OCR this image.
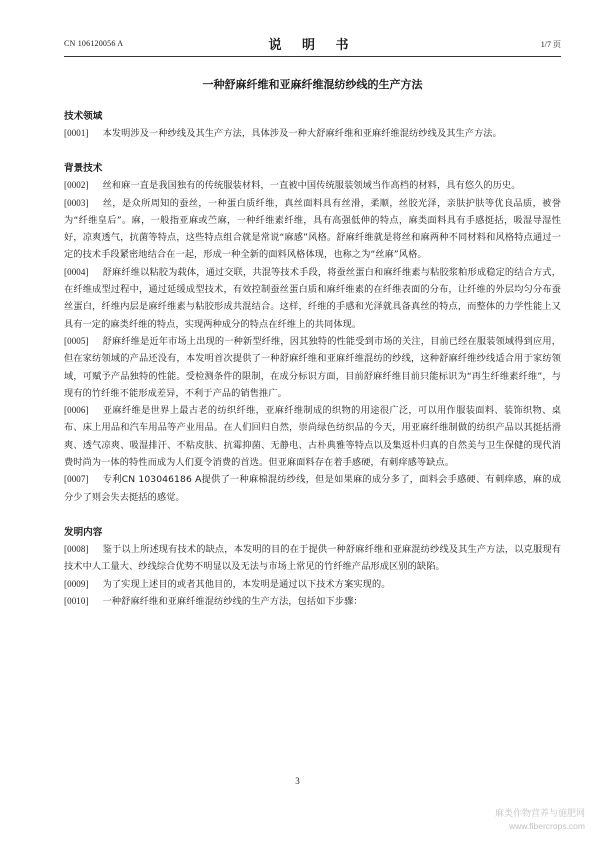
CN 106120056 A	说 明 书	1/7 页
一种舒麻纤维和亚麻纤维混纺纱线的生产方法

技术领域

[0001] 本发明涉及一种纱线及其生产方法，具体涉及一种大舒麻纤维和亚麻纤维混纺纱线及其生产方法。

背景技术

[0002] 丝和麻一直是我国独有的传统服装材料，一直被中国传统服装领域当作高档的材料，具有悠久的历史。

[0003] 丝，是众所周知的蚕丝，一种蛋白质纤维，真丝面料具有丝滑，柔顺，丝胶光泽，亲肤护肤等优良品质，被誉为“纤维皇后”。麻，一般指亚麻或苎麻，一种纤维素纤维，具有高强低伸的特点，麻类面料具有手感挺括，吸湿导湿性好，凉爽透气，抗菌等特点，这些特点组合就是常说“麻感”风格。舒麻纤维就是将丝和麻两种不同材料和风格特点通过一定的技术手段紧密地结合在一起，形成一种全新的面料风格体现，也称之为“丝麻”风格。

[0004] 舒麻纤维以粘胶为载体，通过交联，共混等技术手段，将蚕丝蛋白和麻纤维素与粘胶浆粕形成稳定的结合方式，在纤维成型过程中，通过延缓成型技术，有效控制蚕丝蛋白质和麻纤维素的在纤维表面的分布，让纤维的外层均匀分布蚕丝蛋白，纤维内层是麻纤维素与粘胶形成共混结合。这样，纤维的手感和光泽就具备真丝的特点，而整体的力学性能上又具有一定的麻类纤维的特点，实现两种成分的特点在纤维上的共同体现。

[0005] 舒麻纤维是近年市场上出现的一种新型纤维，因其独特的性能受到市场的关注，目前已经在服装领域得到应用，但在家纺领域的产品还没有，本发明首次提供了一种舒麻纤维和亚麻纤维混纺的纱线，这种舒麻纤维纱线适合用于家纺领域，可赋予产品独特的性能。受检测条件的限制，在成分标识方面，目前舒麻纤维目前只能标识为“再生纤维素纤维”，与现有的竹纤维不能形成差异，不利于产品的销售推广。

[0006] 亚麻纤维是世界上最古老的纺织纤维，亚麻纤维制成的织物的用途很广泛，可以用作服装面料、装饰织物、桌布、床上用品和汽车用品等产业用品。在人们回归自然，崇尚绿色纺织品的今天，用亚麻纤维制做的纺织产品以其挺括滑爽、透气凉爽、吸湿排汗、不粘皮肤、抗霉抑菌、无静电、古朴典雅等特点以及集返朴归真的自然美与卫生保健的现代消费时尚为一体的特性而成为人们夏令消费的首选。但亚麻面料存在着手感硬，有刺痒感等缺点。

[0007] 专利CN 103046186 A提供了一种麻棉混纺纱线，但是如果麻的成分多了，面料会手感硬、有刺痒感，麻的成分少了则会失去挺括的感觉。

发明内容

[0008] 鉴于以上所述现有技术的缺点，本发明的目的在于提供一种舒麻纤维和亚麻混纺纱线及其生产方法，以克服现有技术中人工量大、纱线综合优势不明显以及无法与市场上常见的竹纤维产品形成区别的缺陷。

[0009] 为了实现上述目的或者其他目的，本发明是通过以下技术方案实现的。

[0010] 一种舒麻纤维和亚麻纤维混纺纱线的生产方法，包括如下步骤：

3
麻类作物营养与施肥网
www.fibercrops.com
